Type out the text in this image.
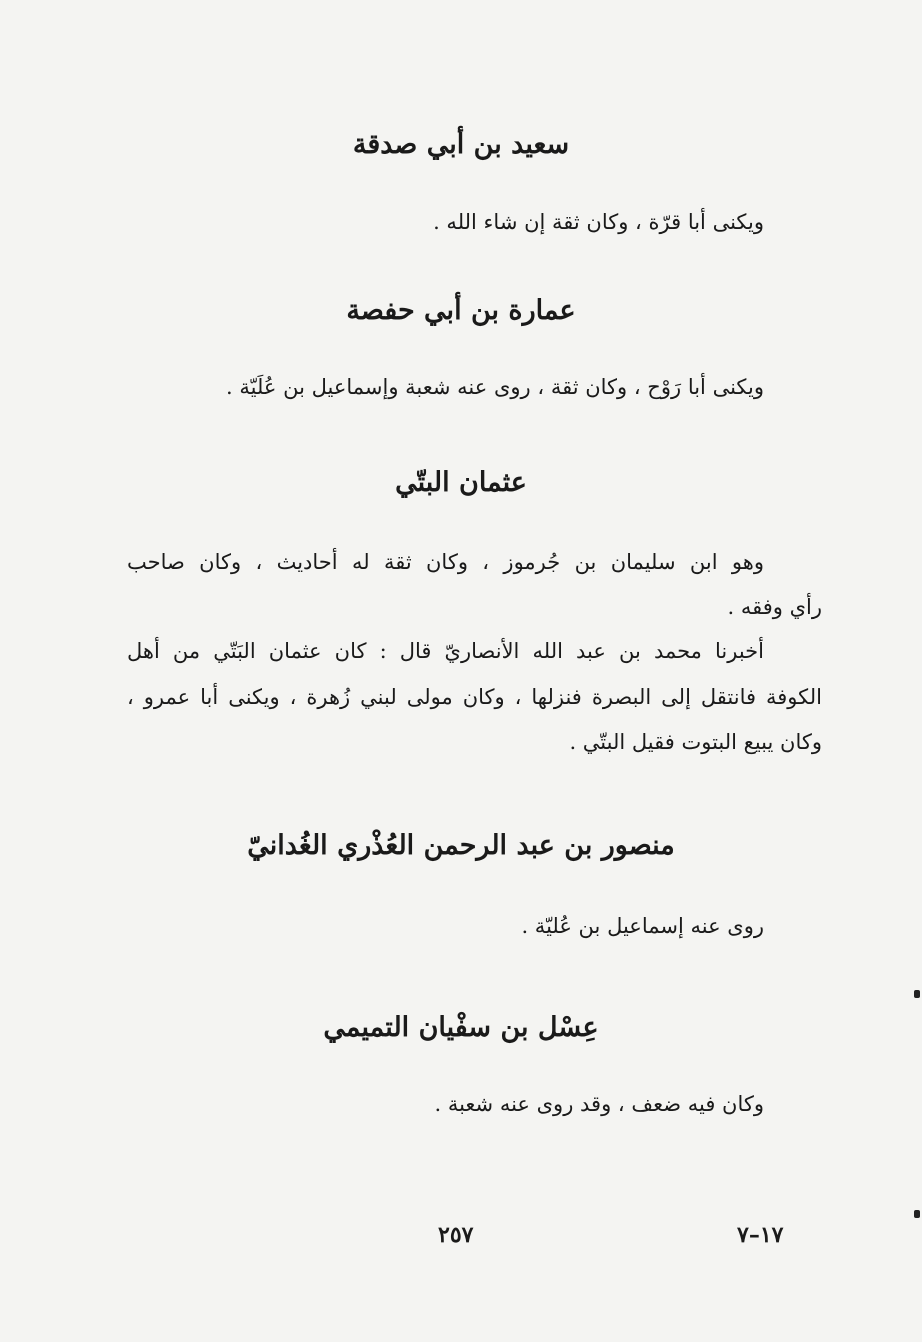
سعيد بن أبي صدقة

ويكنى أبا قرّة ، وكان ثقة إن شاء الله .

عمارة بن أبي حفصة

ويكنى أبا رَوْح ، وكان ثقة ، روى عنه شعبة وإسماعيل بن عُلَيّة .

عثمان البتّي

وهو ابن سليمان بن جُرموز ، وكان ثقة له أحاديث ، وكان صاحب

رأي وفقه .

أخبرنا محمد بن عبد الله الأنصاريّ قال : كان عثمان البَتّي من أهل

الكوفة فانتقل إلى البصرة فنزلها ، وكان مولى لبني زُهرة ، ويكنى أبا عمرو ،

وكان يبيع البتوت فقيل البتّي .

منصور بن عبد الرحمن العُذْري الغُدانيّ

روى عنه إسماعيل بن عُليّة .

عِسْل بن سفْيان التميمي

وكان فيه ضعف ، وقد روى عنه شعبة .

٢٥٧	١٧–٧
